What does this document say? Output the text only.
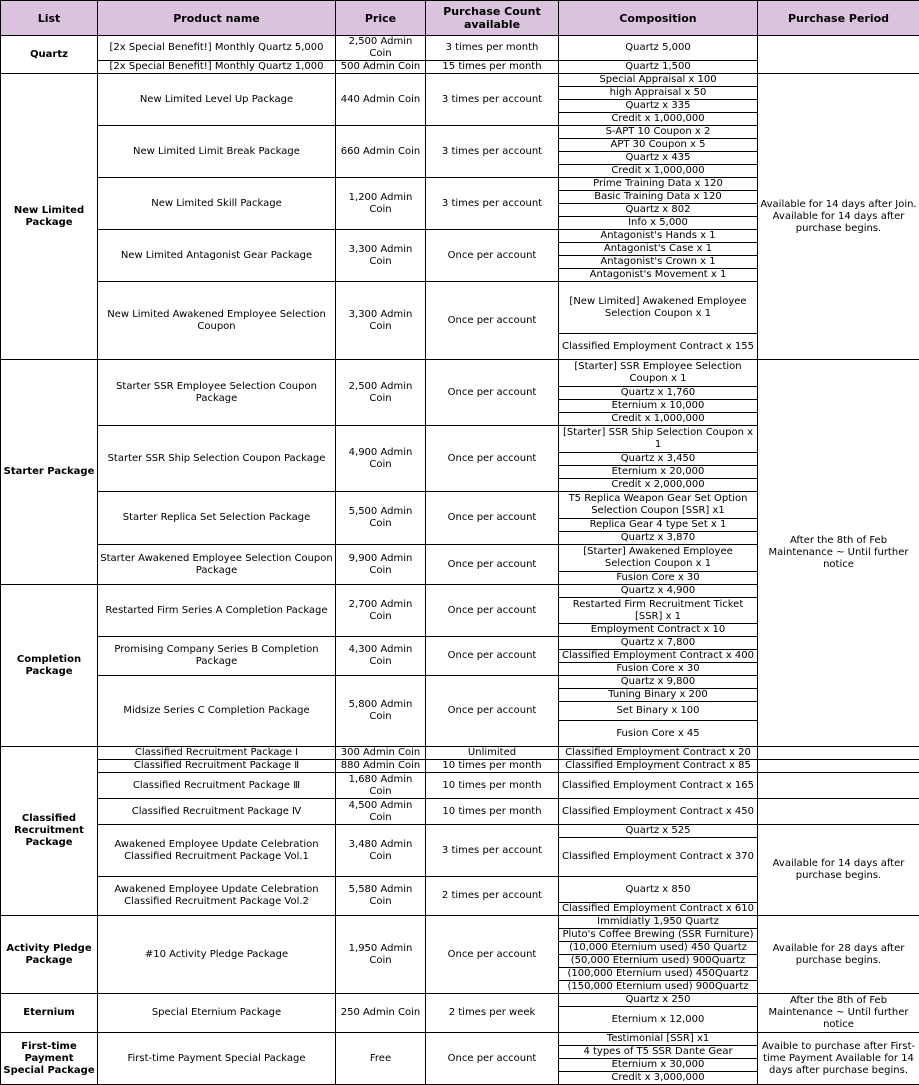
List	Product name	Price	Purchase Count available	Composition	Purchase Period
Quartz	[2x Special Benefit!] Monthly Quartz 5,000	2,500 Admin Coin	3 times per month	Quartz 5,000	
	[2x Special Benefit!] Monthly Quartz 1,000	500 Admin Coin	15 times per month	Quartz 1,500	
New Limited Package	New Limited Level Up Package	440 Admin Coin	3 times per account	Special Appraisal x 100	Available for 14 days after Join. Available for 14 days after purchase begins.
				high Appraisal x 50	
				Quartz x 335	
				Credit x 1,000,000	
	New Limited Limit Break Package	660 Admin Coin	3 times per account	S-APT 10 Coupon x 2	
				APT 30 Coupon x 5	
				Quartz x 435	
				Credit x 1,000,000	
	New Limited Skill Package	1,200 Admin Coin	3 times per account	Prime Training Data x 120	
				Basic Training Data x 120	
				Quartz x 802	
				Info x 5,000	
	New Limited Antagonist Gear Package	3,300 Admin Coin	Once per account	Antagonist's Hands x 1	
				Antagonist's Case x 1	
				Antagonist's Crown x 1	
				Antagonist's Movement x 1	
	New Limited Awakened Employee Selection Coupon	3,300 Admin Coin	Once per account	[New Limited] Awakened Employee Selection Coupon x 1	

				Classified Employment Contract x 155	

Starter Package	Starter SSR Employee Selection Coupon Package	2,500 Admin Coin	Once per account	[Starter] SSR Employee Selection Coupon x 1	After the 8th of Feb Maintenance ~ Until further notice

				Quartz x 1,760	
				Eternium x 10,000	
				Credit x 1,000,000	
	Starter SSR Ship Selection Coupon Package	4,900 Admin Coin	Once per account	[Starter] SSR Ship Selection Coupon x 1	

				Quartz x 3,450	
				Eternium x 20,000	
				Credit x 2,000,000	
	Starter Replica Set Selection Package	5,500 Admin Coin	Once per account	T5 Replica Weapon Gear Set Option Selection Coupon [SSR] x1	

				Replica Gear 4 type Set x 1	
				Quartz x 3,870	
	Starter Awakened Employee Selection Coupon Package	9,900 Admin Coin	Once per account	[Starter] Awakened Employee Selection Coupon x 1	
				Fusion Core x 30	
Completion Package	Restarted Firm Series A Completion Package	2,700 Admin Coin	Once per account	Quartz x 4,900	
				Restarted Firm Recruitment Ticket [SSR] x 1	

				Employment Contract x 10	
	Promising Company Series B Completion Package	4,300 Admin Coin	Once per account	Quartz x 7,800	
				Classified Employment Contract x 400	
				Fusion Core x 30	
	Midsize Series C Completion Package	5,800 Admin Coin	Once per account	Quartz x 9,800	
				Tuning Binary x 200	
				Set Binary x 100	
				Fusion Core x 45	

Classified Recruitment Package	Classified Recruitment Package Ⅰ	300 Admin Coin	Unlimited	Classified Employment Contract x 20	
	Classified Recruitment Package Ⅱ	880 Admin Coin	10 times per month	Classified Employment Contract x 85	
	Classified Recruitment Package Ⅲ	1,680 Admin Coin	10 times per month	Classified Employment Contract x 165	
	Classified Recruitment Package Ⅳ	4,500 Admin Coin	10 times per month	Classified Employment Contract x 450	
	Awakened Employee Update Celebration Classified Recruitment Package Vol.1	3,480 Admin Coin	3 times per account	Quartz x 525	Available for 14 days after purchase begins.
				Classified Employment Contract x 370	

	Awakened Employee Update Celebration Classified Recruitment Package Vol.2	5,580 Admin Coin	2 times per account	Quartz x 850	

				Classified Employment Contract x 610	
Activity Pledge Package	#10 Activity Pledge Package	1,950 Admin Coin	Once per account	Immidiatly 1,950 Quartz	Available for 28 days after purchase begins.
				Pluto's Coffee Brewing (SSR Furniture)	
				(10,000 Eternium used) 450 Quartz	
				(50,000 Eternium used) 900Quartz	
				(100,000 Eternium used) 450Quartz	
				(150,000 Eternium used) 900Quartz	
Eternium	Special Eternium Package	250 Admin Coin	2 times per week	Quartz x 250	After the 8th of Feb Maintenance ~ Until further notice
				Eternium x 12,000	

First-time Payment Special Package	First-time Payment Special Package	Free	Once per account	Testimonial [SSR] x1	Avaible to purchase after First-time Payment Available for 14 days after purchase begins.
				4 types of T5 SSR Dante Gear	
				Eternium x 30,000	
				Credit x 3,000,000	
